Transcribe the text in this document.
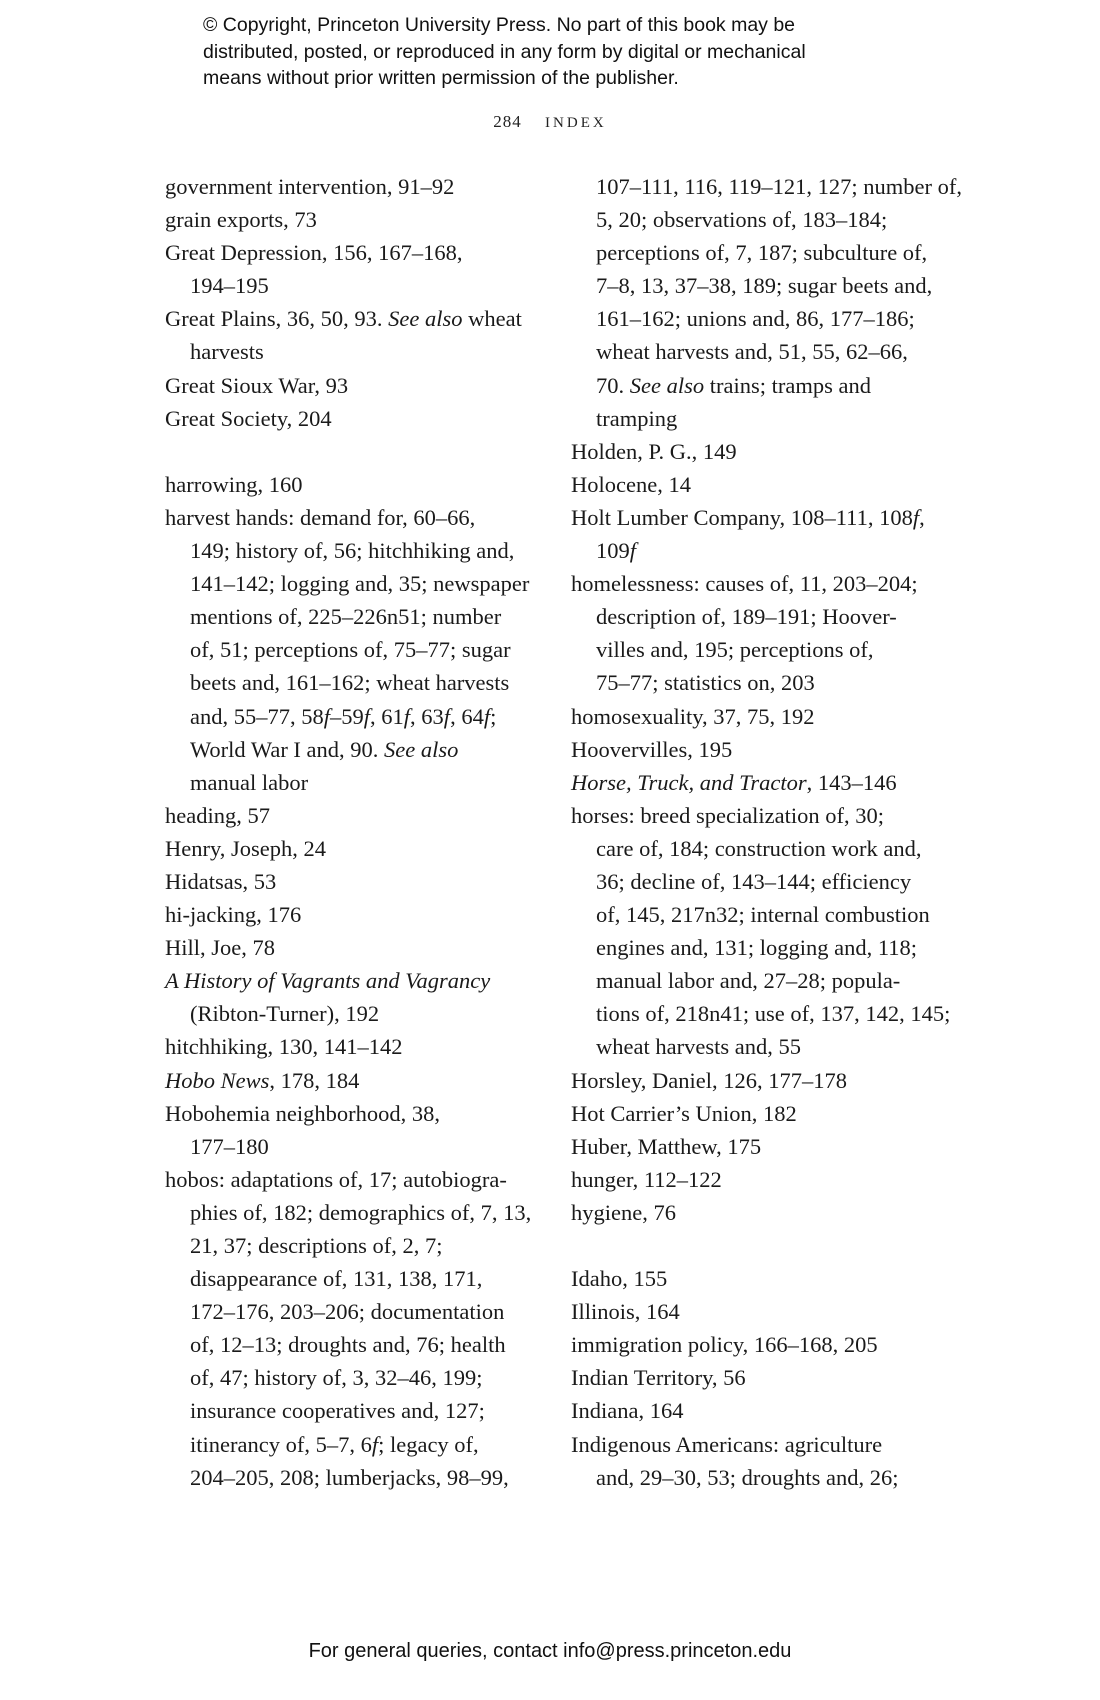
© Copyright, Princeton University Press. No part of this book may be
distributed, posted, or reproduced in any form by digital or mechanical
means without prior written permission of the publisher.
284 INDEX
government intervention, 91–92
grain exports, 73
Great Depression, 156, 167–168,
194–195
Great Plains, 36, 50, 93. See also wheat
harvests
Great Sioux War, 93
Great Society, 204
harrowing, 160
harvest hands: demand for, 60–66,
149; history of, 56; hitchhiking and,
141–142; logging and, 35; newspaper
mentions of, 225–226n51; number
of, 51; perceptions of, 75–77; sugar
beets and, 161–162; wheat harvests
and, 55–77, 58f–59f, 61f, 63f, 64f;
World War I and, 90. See also
manual labor
heading, 57
Henry, Joseph, 24
Hidatsas, 53
hi-jacking, 176
Hill, Joe, 78
A History of Vagrants and Vagrancy
(Ribton-Turner), 192
hitchhiking, 130, 141–142
Hobo News, 178, 184
Hobohemia neighborhood, 38,
177–180
hobos: adaptations of, 17; autobiogra-
phies of, 182; demographics of, 7, 13,
21, 37; descriptions of, 2, 7;
disappearance of, 131, 138, 171,
172–176, 203–206; documentation
of, 12–13; droughts and, 76; health
of, 47; history of, 3, 32–46, 199;
insurance cooperatives and, 127;
itinerancy of, 5–7, 6f; legacy of,
204–205, 208; lumberjacks, 98–99,
107–111, 116, 119–121, 127; number of,
5, 20; observations of, 183–184;
perceptions of, 7, 187; subculture of,
7–8, 13, 37–38, 189; sugar beets and,
161–162; unions and, 86, 177–186;
wheat harvests and, 51, 55, 62–66,
70. See also trains; tramps and
tramping
Holden, P. G., 149
Holocene, 14
Holt Lumber Company, 108–111, 108f,
109f
homelessness: causes of, 11, 203–204;
description of, 189–191; Hoover-
villes and, 195; perceptions of,
75–77; statistics on, 203
homosexuality, 37, 75, 192
Hoovervilles, 195
Horse, Truck, and Tractor, 143–146
horses: breed specialization of, 30;
care of, 184; construction work and,
36; decline of, 143–144; efficiency
of, 145, 217n32; internal combustion
engines and, 131; logging and, 118;
manual labor and, 27–28; popula-
tions of, 218n41; use of, 137, 142, 145;
wheat harvests and, 55
Horsley, Daniel, 126, 177–178
Hot Carrier’s Union, 182
Huber, Matthew, 175
hunger, 112–122
hygiene, 76
Idaho, 155
Illinois, 164
immigration policy, 166–168, 205
Indian Territory, 56
Indiana, 164
Indigenous Americans: agriculture
and, 29–30, 53; droughts and, 26;
For general queries, contact info@press.princeton.edu
